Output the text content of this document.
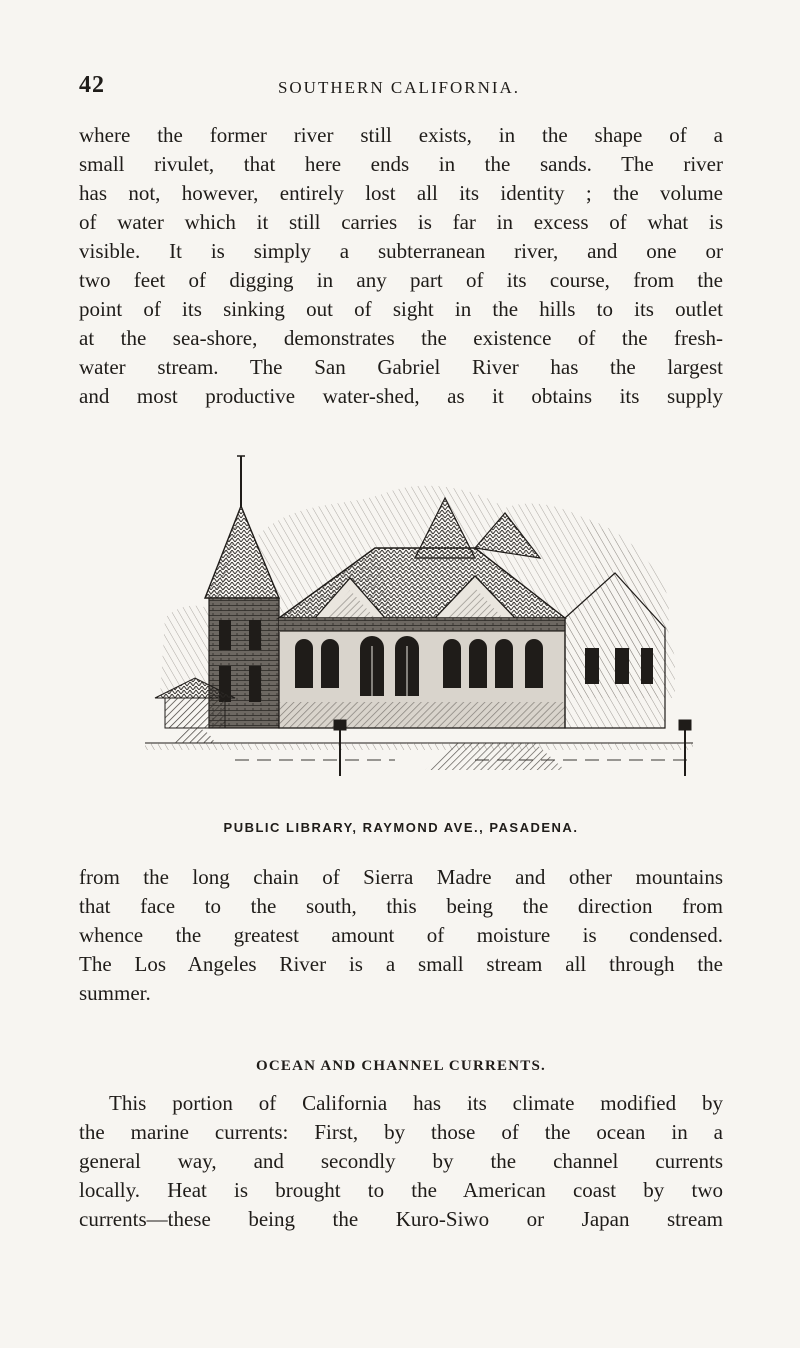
42	SOUTHERN CALIFORNIA.

where the former river still exists, in the shape of a
small rivulet, that here ends in the sands. The river
has not, however, entirely lost all its identity ; the volume
of water which it still carries is far in excess of what is
visible. It is simply a subterranean river, and one or
two feet of digging in any part of its course, from the
point of its sinking out of sight in the hills to its outlet
at the sea-shore, demonstrates the existence of the fresh-
water stream. The San Gabriel River has the largest
and most productive water-shed, as it obtains its supply

PUBLIC LIBRARY, RAYMOND AVE., PASADENA.

from the long chain of Sierra Madre and other mountains
that face to the south, this being the direction from
whence the greatest amount of moisture is condensed.
The Los Angeles River is a small stream all through the
summer.

OCEAN AND CHANNEL CURRENTS.

This portion of California has its climate modified by
the marine currents: First, by those of the ocean in a
general way, and secondly by the channel currents
locally. Heat is brought to the American coast by two
currents—these being the Kuro-Siwo or Japan stream
